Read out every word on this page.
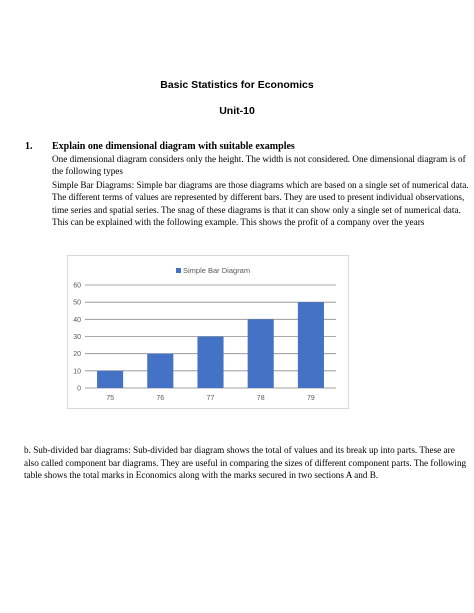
Basic Statistics for Economics
Unit-10
1. Explain one dimensional diagram with suitable examples
One dimensional diagram considers only the height. The width is not considered. One dimensional diagram is of
the following types
Simple Bar Diagrams: Simple bar diagrams are those diagrams which are based on a single set of numerical data.
The different terms of values are represented by different bars. They are used to present individual observations,
time series and spatial series. The snag of these diagrams is that it can show only a single set of numerical data.
This can be explained with the following example. This shows the profit of a company over the years
0
10
20
30
40
50
60
75	76	77	78	79
Simple Bar Diagram
b. Sub-divided bar diagrams: Sub-divided bar diagram shows the total of values and its break up into parts. These are
also called component bar diagrams. They are useful in comparing the sizes of different component parts. The following
table shows the total marks in Economics along with the marks secured in two sections A and B.
